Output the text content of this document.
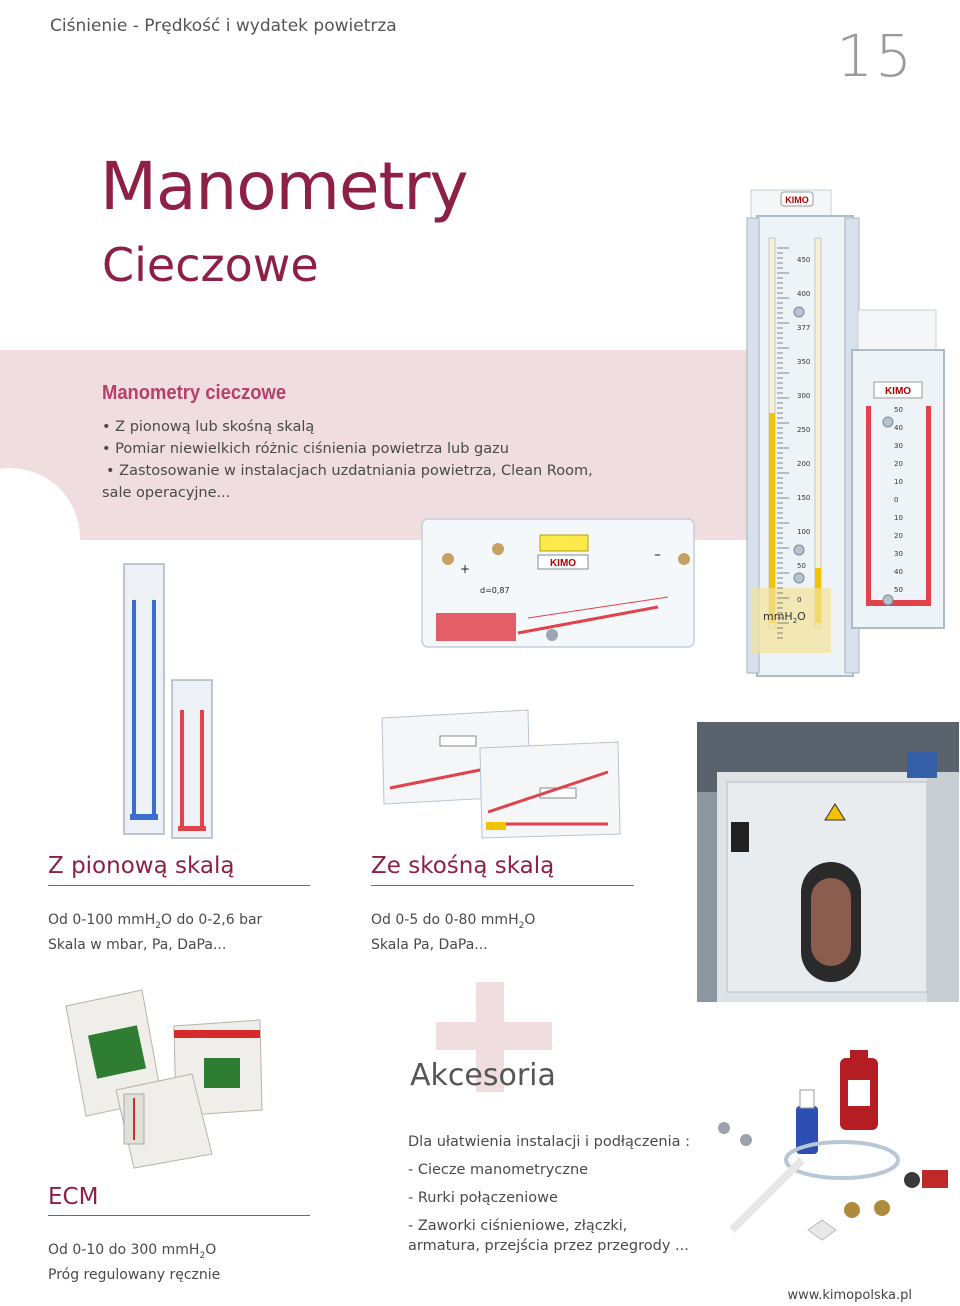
Ciśnienie - Prędkość i wydatek powietrza	15
Manometry
Cieczowe
Manometry cieczowe
• Z pionową lub skośną skalą
• Pomiar niewielkich różnic ciśnienia powietrza lub gazu
• Zastosowanie w instalacjach uzdatniania powietrza, Clean Room,
sale operacyjne...
KIMO
450
400
377
350
300
250
200
150
100
50
0
mmH$_2$O
KIMO
50
40
30
20
10
0
10
20
30
40
50
KIMO
+
–
d=0,87
Z pionową skalą
Od 0-100 mmH$_2$O do 0-2,6 bar
Skala w mbar, Pa, DaPa...
Ze skośną skalą
Od 0-5 do 0-80 mmH$_2$O
Skala Pa, DaPa...
Akcesoria
Dla ułatwienia instalacji i podłączenia :
- Ciecze manometryczne
- Rurki połączeniowe
- Zaworki ciśnieniowe, złączki,
armatura, przejścia przez przegrody ...
ECM
Od 0-10 do 300 mmH$_2$O
Próg regulowany ręcznie
www.kimopolska.pl
